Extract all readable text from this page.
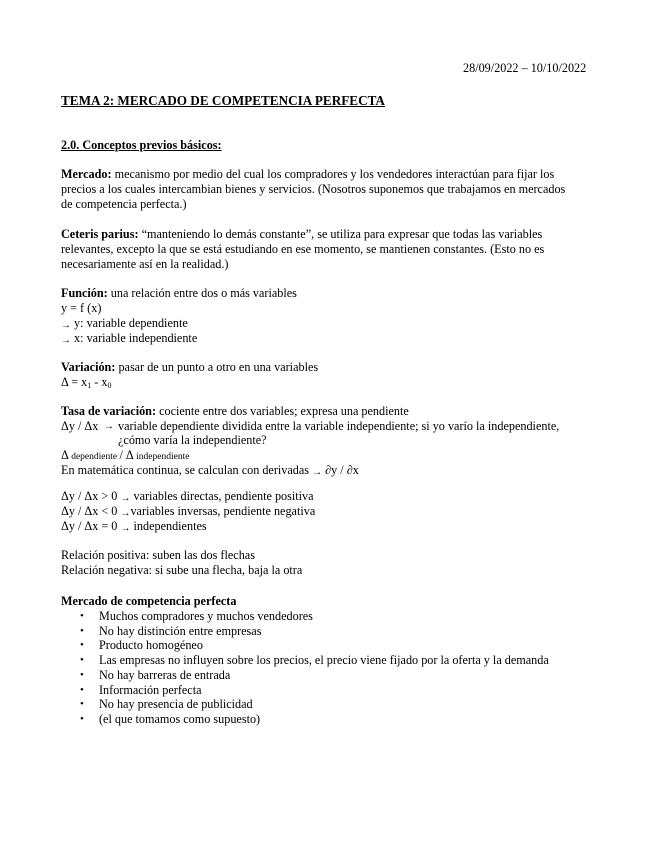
28/09/2022 – 10/10/2022
TEMA 2: MERCADO DE COMPETENCIA PERFECTA
2.0. Conceptos previos básicos:
Mercado: mecanismo por medio del cual los compradores y los vendedores interactúan para fijar los
precios a los cuales intercambian bienes y servicios. (Nosotros suponemos que trabajamos en mercados
de competencia perfecta.)
Ceteris parius: “manteniendo lo demás constante”, se utiliza para expresar que todas las variables
relevantes, excepto la que se está estudiando en ese momento, se mantienen constantes. (Esto no es
necesariamente así en la realidad.)
Función: una relación entre dos o más variables
y = f (x)
→ y: variable dependiente
→ x: variable independiente
Variación: pasar de un punto a otro en una variables
$\Delta = x_1 - x_0$
Tasa de variación: cociente entre dos variables; expresa una pendiente
Δy / Δx → variable dependiente dividida entre la variable independiente; si yo varío la independiente,
¿cómo varía la independiente?
Δ dependiente / Δ independiente
En matemática continua, se calculan con derivadas → ∂y / ∂x
Δy / Δx > 0 → variables directas, pendiente positiva
Δy / Δx < 0 →variables inversas, pendiente negativa
Δy / Δx = 0 → independientes
Relación positiva: suben las dos flechas
Relación negativa: si sube una flecha, baja la otra
Mercado de competencia perfecta
• Muchos compradores y muchos vendedores
• No hay distinción entre empresas
• Producto homogéneo
• Las empresas no influyen sobre los precios, el precio viene fijado por la oferta y la demanda
• No hay barreras de entrada
• Información perfecta
• No hay presencia de publicidad
• (el que tomamos como supuesto)
